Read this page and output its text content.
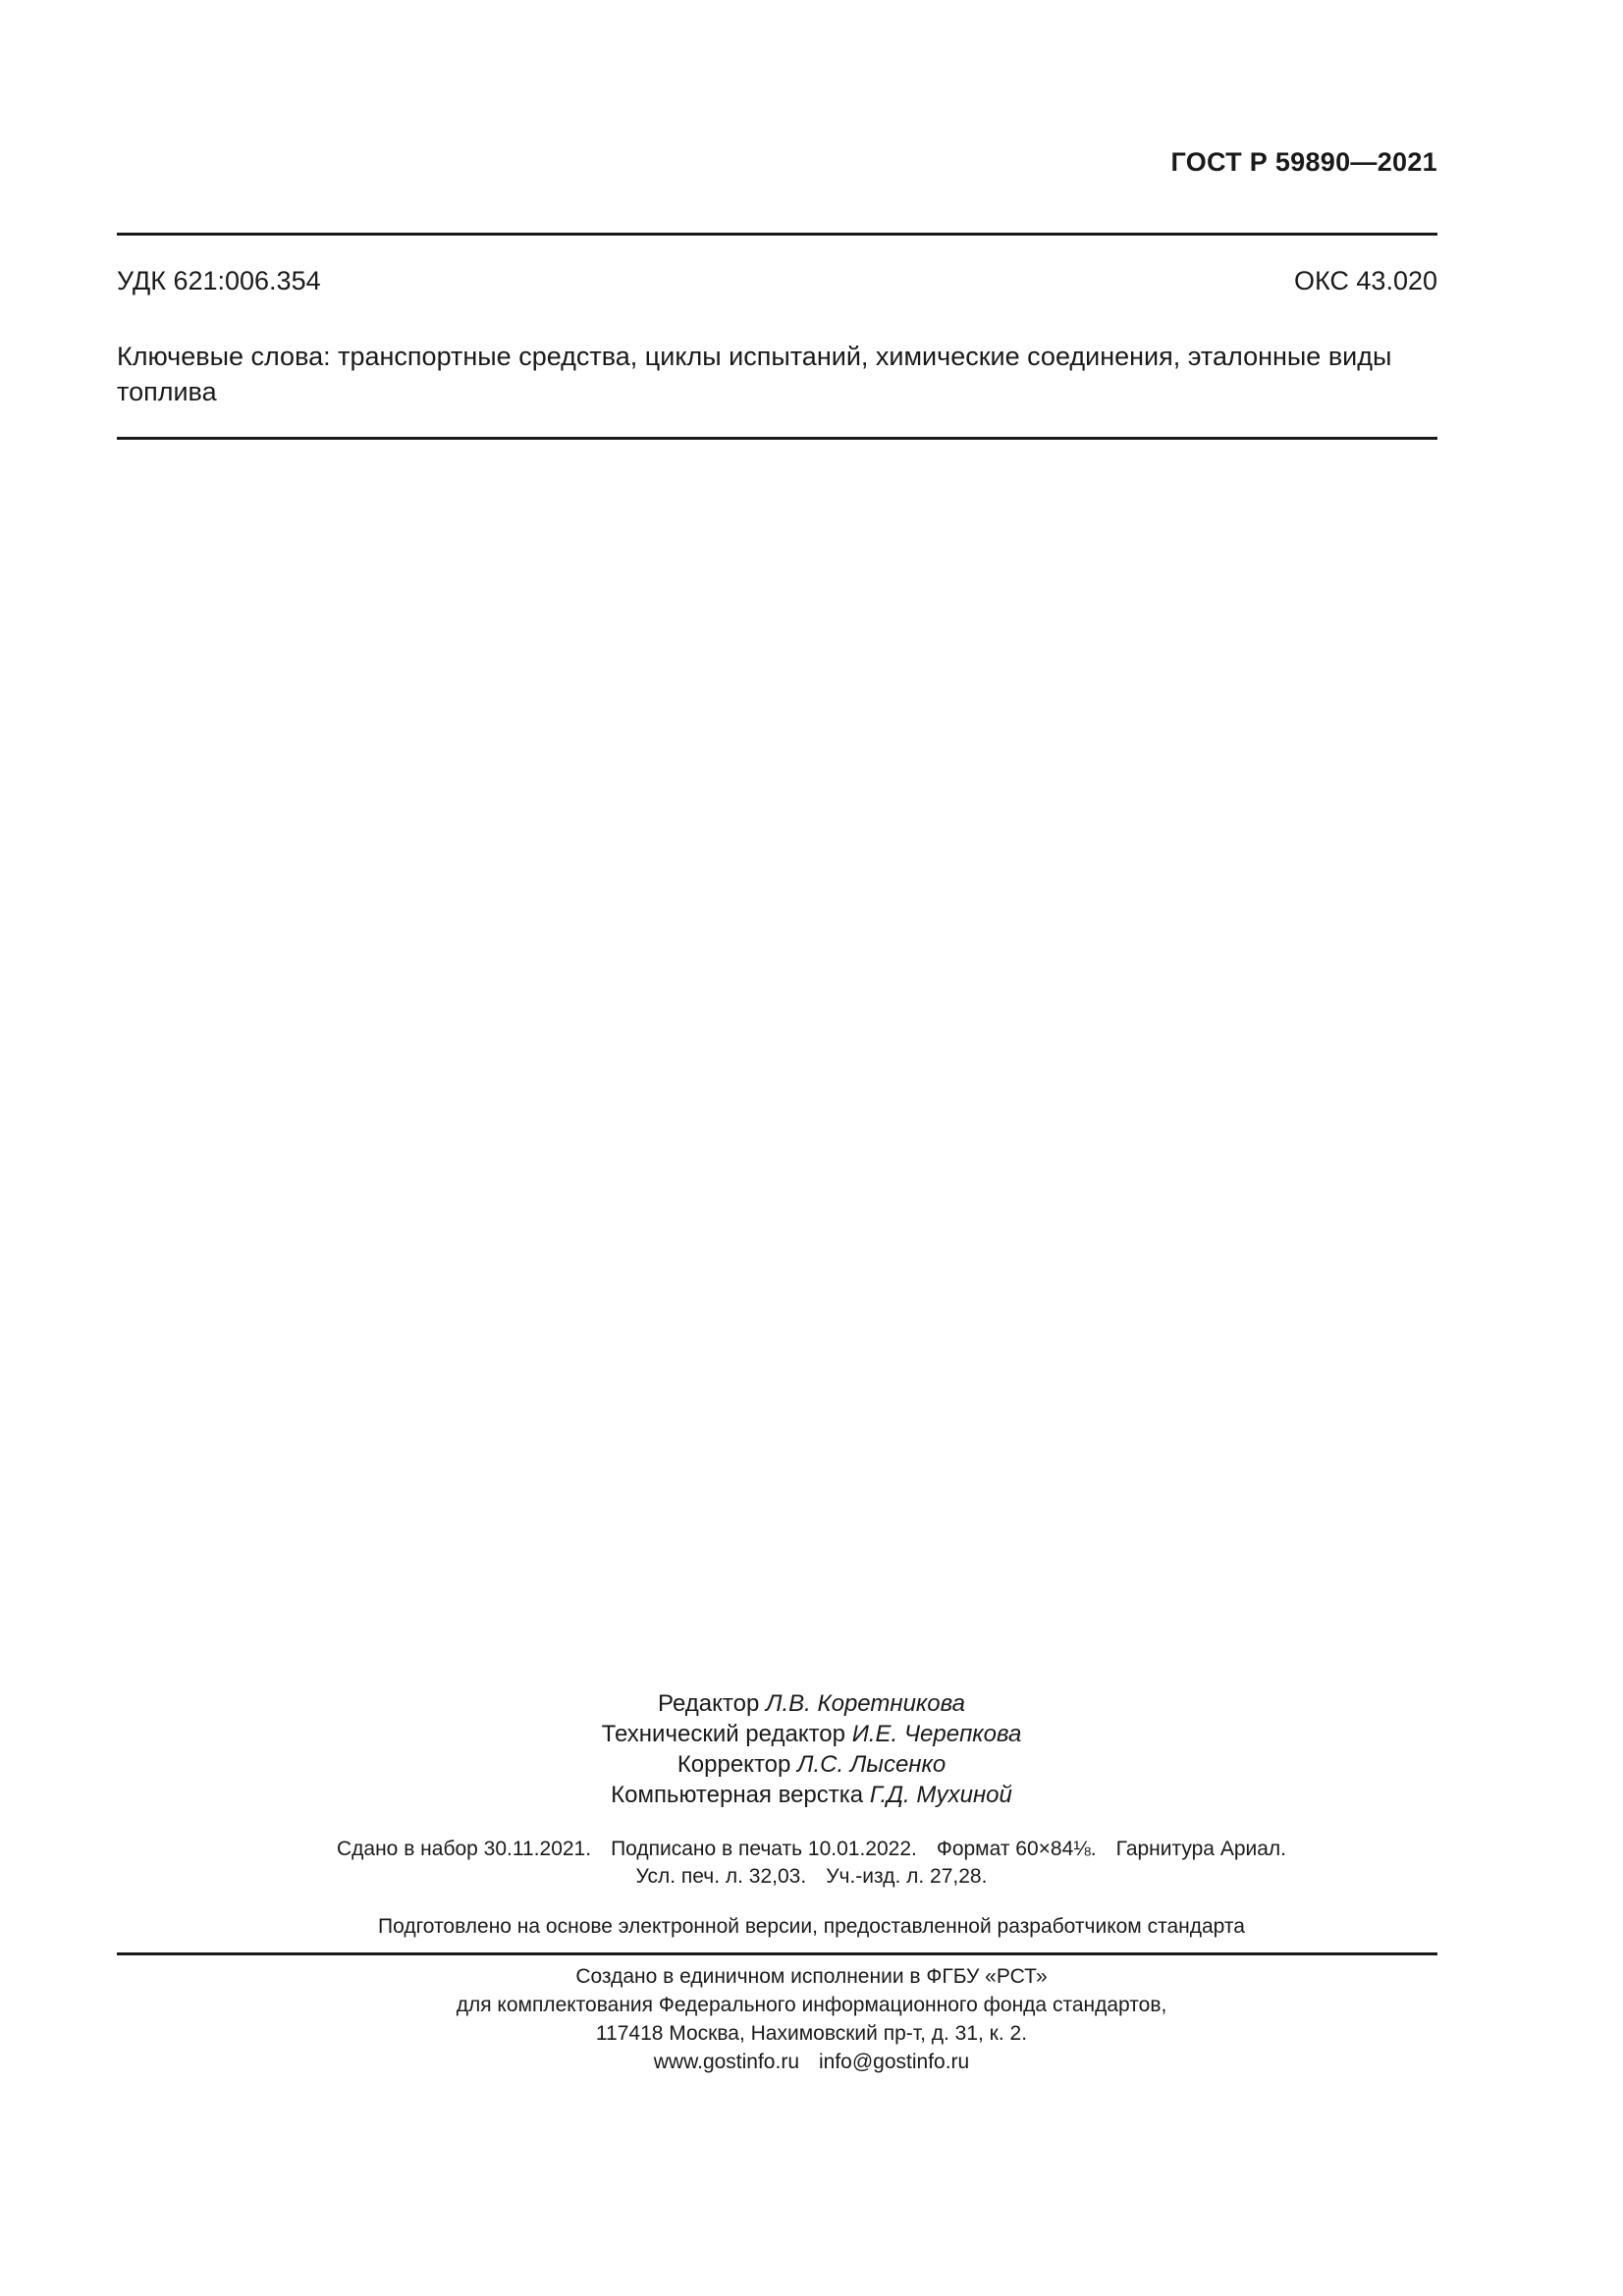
ГОСТ Р 59890—2021
УДК 621:006.354	ОКС 43.020
Ключевые слова: транспортные средства, циклы испытаний, химические соединения, эталонные виды топлива
Редактор Л.В. Коретникова
Технический редактор И.Е. Черепкова
Корректор Л.С. Лысенко
Компьютерная верстка Г.Д. Мухиной
Сдано в набор 30.11.2021. Подписано в печать 10.01.2022. Формат 60×84⅛. Гарнитура Ариал.
Усл. печ. л. 32,03. Уч.-изд. л. 27,28.
Подготовлено на основе электронной версии, предоставленной разработчиком стандарта
Создано в единичном исполнении в ФГБУ «РСТ»
для комплектования Федерального информационного фонда стандартов,
117418 Москва, Нахимовский пр-т, д. 31, к. 2.
www.gostinfo.ru info@gostinfo.ru
